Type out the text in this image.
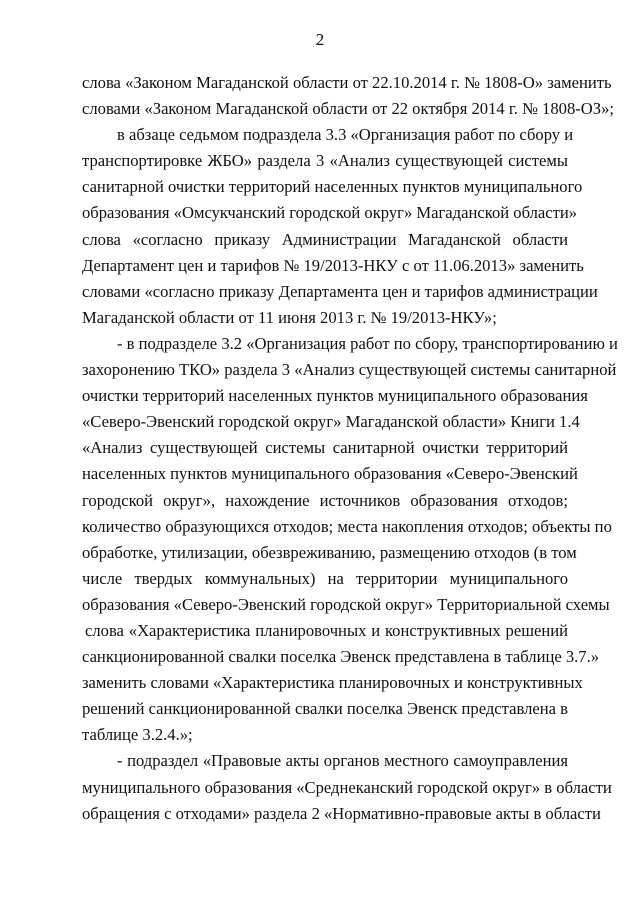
2
слова «Законом Магаданской области от 22.10.2014 г. № 1808-О» заменить
словами «Законом Магаданской области от 22 октября 2014 г. № 1808-ОЗ»;
в абзаце седьмом подраздела 3.3 «Организация работ по сбору и
транспортировке ЖБО» раздела 3 «Анализ существующей системы
санитарной очистки территорий населенных пунктов муниципального
образования «Омсукчанский городской округ» Магаданской области»
слова «согласно приказу Администрации Магаданской области
Департамент цен и тарифов № 19/2013-НКУ с от 11.06.2013» заменить
словами «согласно приказу Департамента цен и тарифов администрации
Магаданской области от 11 июня 2013 г. № 19/2013-НКУ»;
- в подразделе 3.2 «Организация работ по сбору, транспортированию и
захоронению ТКО» раздела 3 «Анализ существующей системы санитарной
очистки территорий населенных пунктов муниципального образования
«Северо-Эвенский городской округ» Магаданской области» Книги 1.4
«Анализ существующей системы санитарной очистки территорий
населенных пунктов муниципального образования «Северо-Эвенский
городской округ», нахождение источников образования отходов;
количество образующихся отходов; места накопления отходов; объекты по
обработке, утилизации, обезвреживанию, размещению отходов (в том
числе твердых коммунальных) на территории муниципального
образования «Северо-Эвенский городской округ» Территориальной схемы
слова «Характеристика планировочных и конструктивных решений
санкционированной свалки поселка Эвенск представлена в таблице 3.7.»
заменить словами «Характеристика планировочных и конструктивных
решений санкционированной свалки поселка Эвенск представлена в
таблице 3.2.4.»;
- подраздел «Правовые акты органов местного самоуправления
муниципального образования «Среднеканский городской округ» в области
обращения с отходами» раздела 2 «Нормативно-правовые акты в области
